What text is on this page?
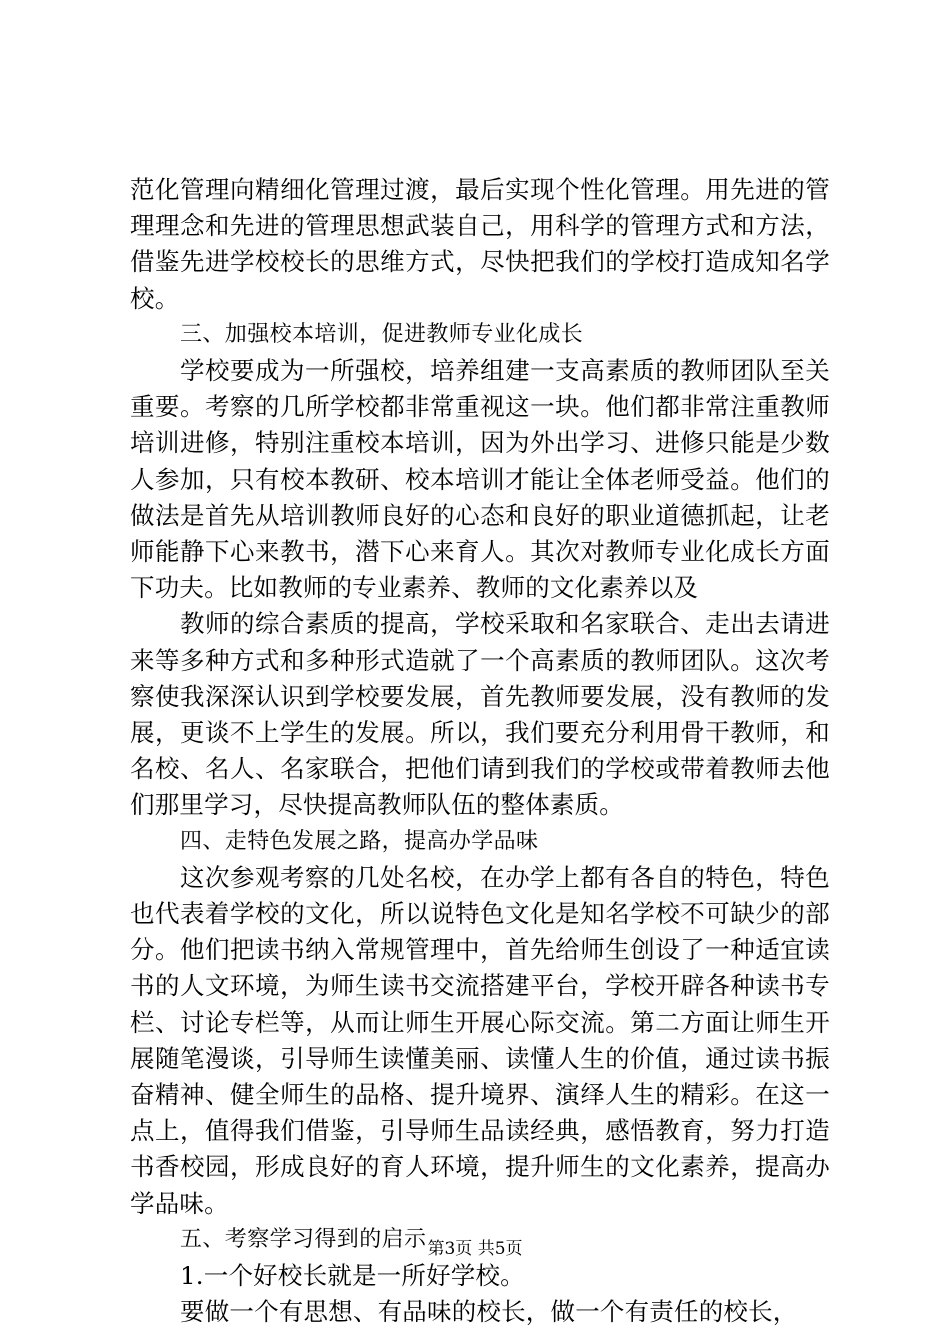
范化管理向精细化管理过渡，最后实现个性化管理。用先进的管理理念和先进的管理思想武装自己，用科学的管理方式和方法，借鉴先进学校校长的思维方式，尽快把我们的学校打造成知名学校。

三、加强校本培训，促进教师专业化成长

学校要成为一所强校，培养组建一支高素质的教师团队至关重要。考察的几所学校都非常重视这一块。他们都非常注重教师培训进修，特别注重校本培训，因为外出学习、进修只能是少数人参加，只有校本教研、校本培训才能让全体老师受益。他们的做法是首先从培训教师良好的心态和良好的职业道德抓起，让老师能静下心来教书，潜下心来育人。其次对教师专业化成长方面下功夫。比如教师的专业素养、教师的文化素养以及

教师的综合素质的提高，学校采取和名家联合、走出去请进来等多种方式和多种形式造就了一个高素质的教师团队。这次考察使我深深认识到学校要发展，首先教师要发展，没有教师的发展，更谈不上学生的发展。所以，我们要充分利用骨干教师，和名校、名人、名家联合，把他们请到我们的学校或带着教师去他们那里学习，尽快提高教师队伍的整体素质。

四、走特色发展之路，提高办学品味

这次参观考察的几处名校，在办学上都有各自的特色，特色也代表着学校的文化，所以说特色文化是知名学校不可缺少的部分。他们把读书纳入常规管理中，首先给师生创设了一种适宜读书的人文环境，为师生读书交流搭建平台，学校开辟各种读书专栏、讨论专栏等，从而让师生开展心际交流。第二方面让师生开展随笔漫谈，引导师生读懂美丽、读懂人生的价值，通过读书振奋精神、健全师生的品格、提升境界、演绎人生的精彩。在这一点上，值得我们借鉴，引导师生品读经典，感悟教育，努力打造书香校园，形成良好的育人环境，提升师生的文化素养，提高办学品味。

五、考察学习得到的启示

1.一个好校长就是一所好学校。

要做一个有思想、有品味的校长，做一个有责任的校长，

第3页 共5页
